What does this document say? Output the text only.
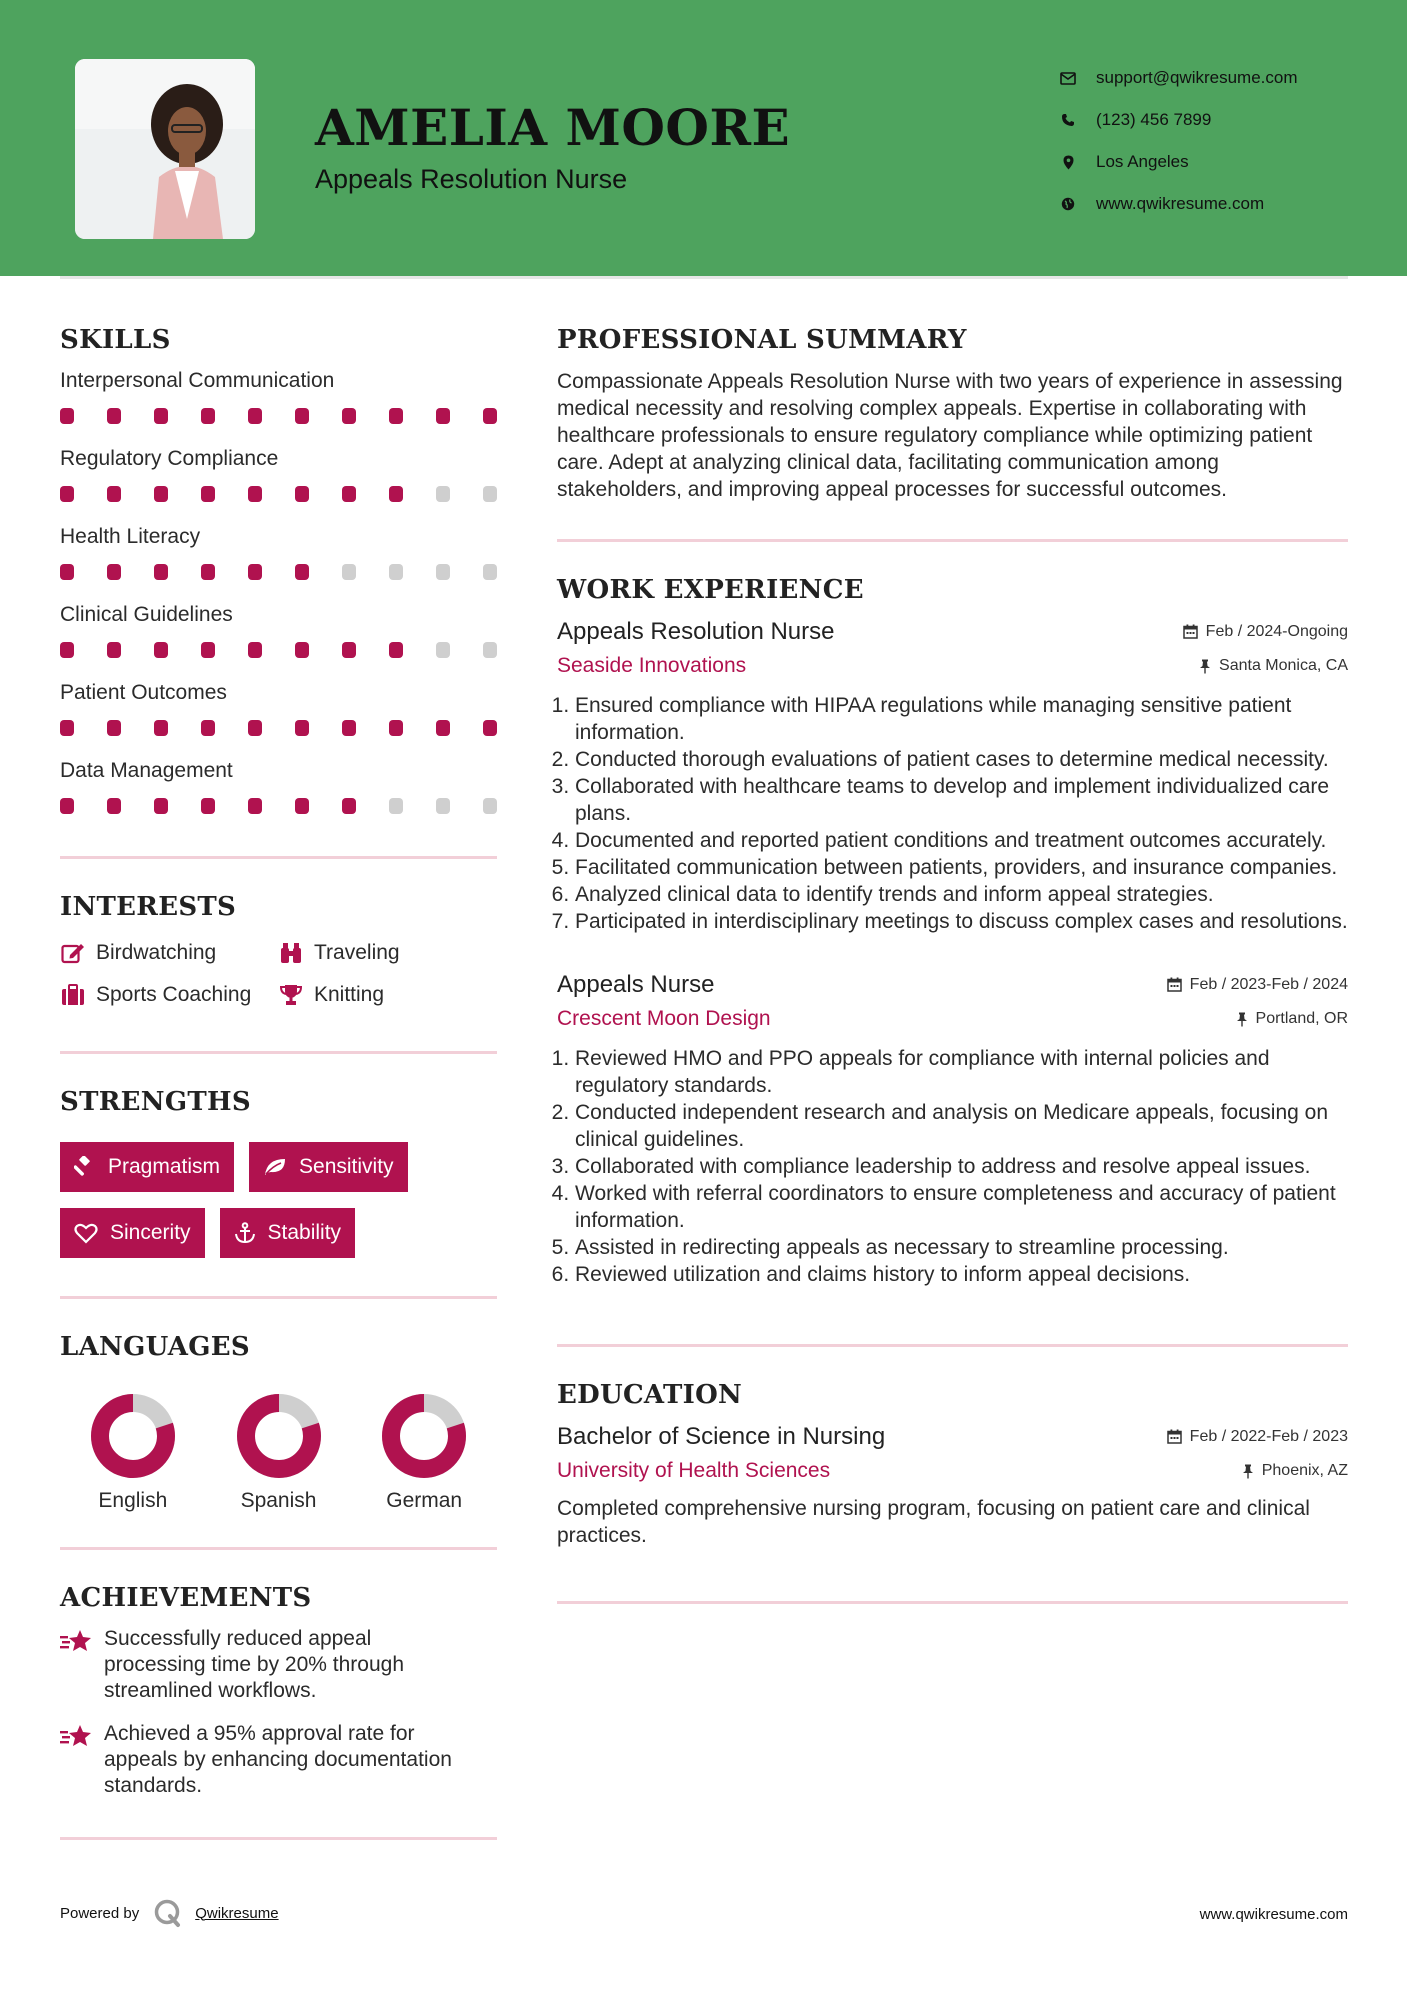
AMELIA MOORE
Appeals Resolution Nurse
support@qwikresume.com
(123) 456 7899
Los Angeles
www.qwikresume.com
SKILLS
Interpersonal Communication
Regulatory Compliance
Health Literacy
Clinical Guidelines
Patient Outcomes
Data Management
INTERESTS
Birdwatching	Traveling
Sports Coaching	Knitting
STRENGTHS
Pragmatism	Sensitivity
Sincerity	Stability
LANGUAGES
English	Spanish	German
ACHIEVEMENTS
Successfully reduced appeal processing time by 20% through streamlined workflows.
Achieved a 95% approval rate for appeals by enhancing documentation standards.
PROFESSIONAL SUMMARY
Compassionate Appeals Resolution Nurse with two years of experience in assessing medical necessity and resolving complex appeals. Expertise in collaborating with healthcare professionals to ensure regulatory compliance while optimizing patient care. Adept at analyzing clinical data, facilitating communication among stakeholders, and improving appeal processes for successful outcomes.
WORK EXPERIENCE
Appeals Resolution Nurse	Feb / 2024-Ongoing
Seaside Innovations	Santa Monica, CA
1. Ensured compliance with HIPAA regulations while managing sensitive patient information.
2. Conducted thorough evaluations of patient cases to determine medical necessity.
3. Collaborated with healthcare teams to develop and implement individualized care plans.
4. Documented and reported patient conditions and treatment outcomes accurately.
5. Facilitated communication between patients, providers, and insurance companies.
6. Analyzed clinical data to identify trends and inform appeal strategies.
7. Participated in interdisciplinary meetings to discuss complex cases and resolutions.
Appeals Nurse	Feb / 2023-Feb / 2024
Crescent Moon Design	Portland, OR
1. Reviewed HMO and PPO appeals for compliance with internal policies and regulatory standards.
2. Conducted independent research and analysis on Medicare appeals, focusing on clinical guidelines.
3. Collaborated with compliance leadership to address and resolve appeal issues.
4. Worked with referral coordinators to ensure completeness and accuracy of patient information.
5. Assisted in redirecting appeals as necessary to streamline processing.
6. Reviewed utilization and claims history to inform appeal decisions.
EDUCATION
Bachelor of Science in Nursing	Feb / 2022-Feb / 2023
University of Health Sciences	Phoenix, AZ
Completed comprehensive nursing program, focusing on patient care and clinical practices.
Powered by	Qwikresume	www.qwikresume.com
